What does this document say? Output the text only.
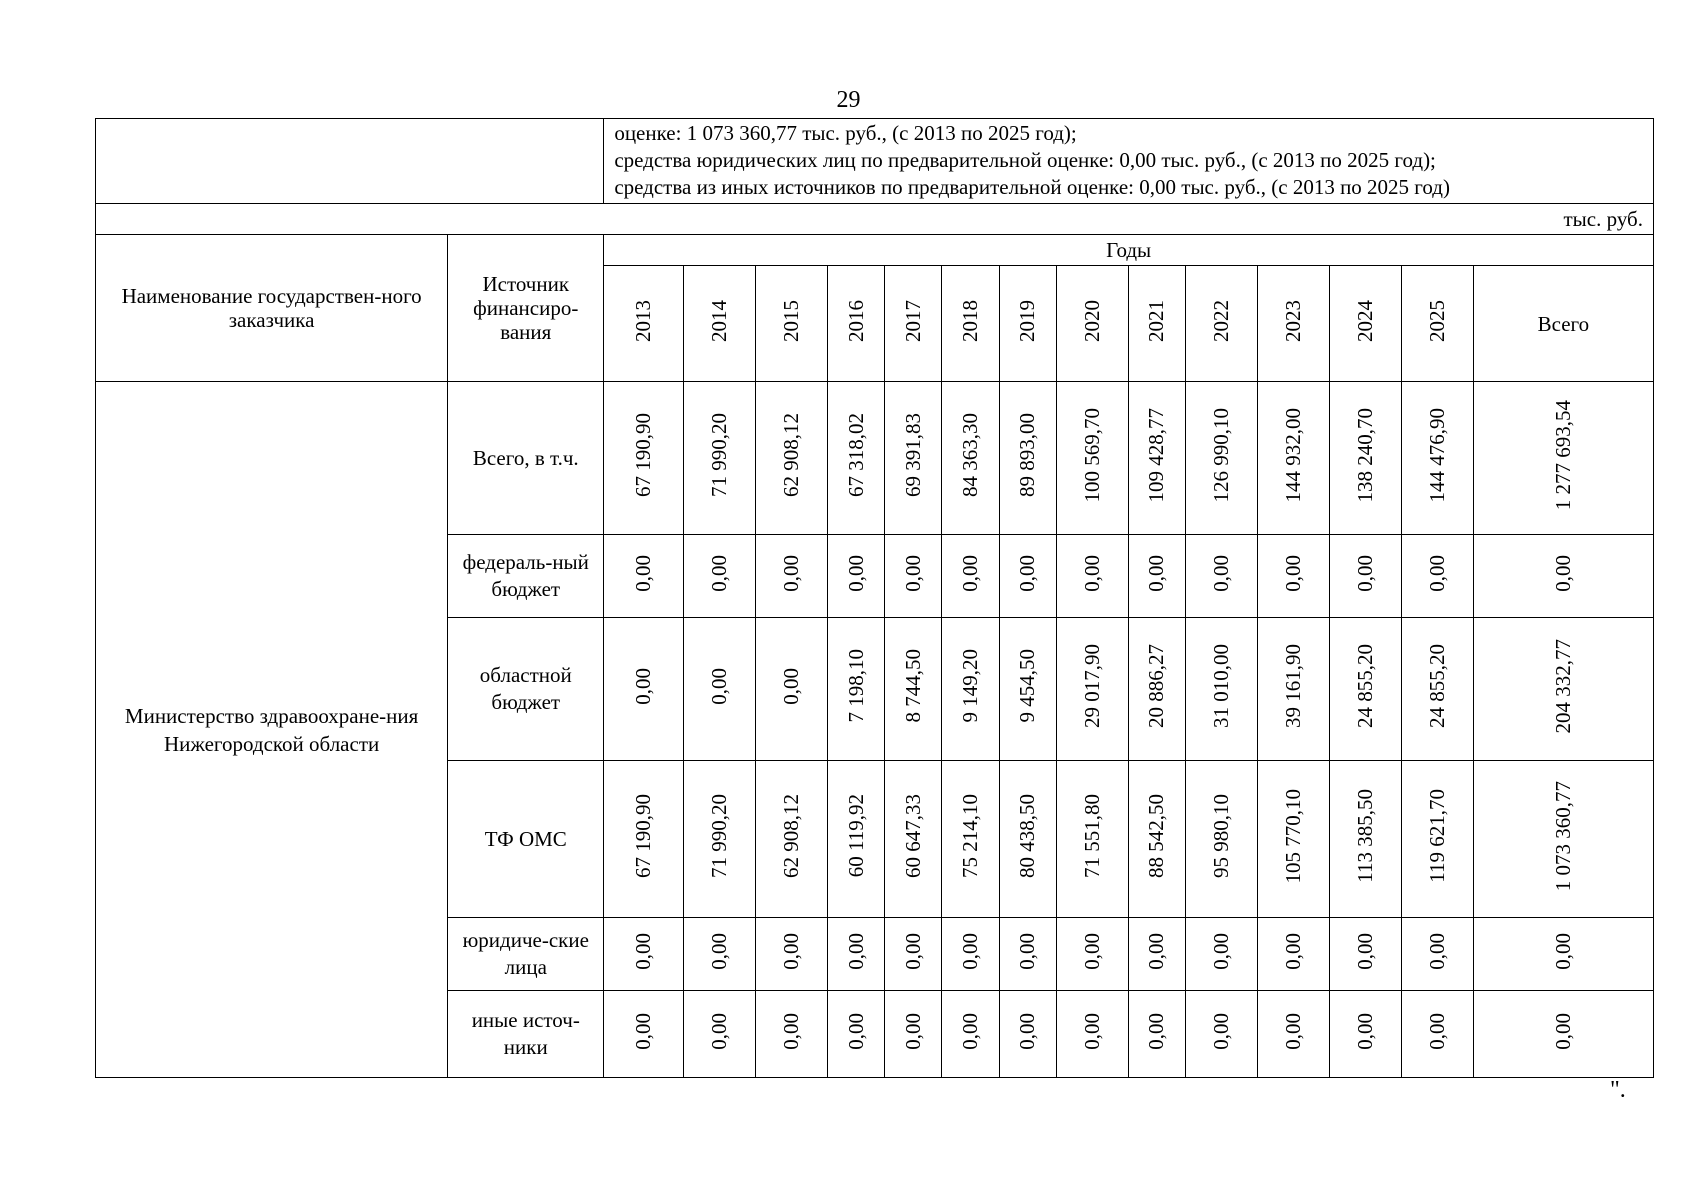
29

		оценке: 1 073 360,77 тыс. руб., (с 2013 по 2025 год);
средства юридических лиц по предварительной оценке: 0,00 тыс. руб., (с 2013 по 2025 год);
средства из иных источников по предварительной оценке: 0,00 тыс. руб., (с 2013 по 2025 год)													

тыс. руб.															
Наименование государствен-ного заказчика	Источник финансиро-вания	Годы													
		2013	2014	2015	2016	2017	2018	2019	2020	2021	2022	2023	2024	2025	Всего
Министерство здравоохране-ния Нижегородской области	Всего, в т.ч.	67 190,90	71 990,20	62 908,12	67 318,02	69 391,83	84 363,30	89 893,00	100 569,70	109 428,77	126 990,10	144 932,00	138 240,70	144 476,90	1 277 693,54
	федераль-ный бюджет	0,00	0,00	0,00	0,00	0,00	0,00	0,00	0,00	0,00	0,00	0,00	0,00	0,00	0,00
	областной бюджет	0,00	0,00	0,00	7 198,10	8 744,50	9 149,20	9 454,50	29 017,90	20 886,27	31 010,00	39 161,90	24 855,20	24 855,20	204 332,77
	ТФ ОМС	67 190,90	71 990,20	62 908,12	60 119,92	60 647,33	75 214,10	80 438,50	71 551,80	88 542,50	95 980,10	105 770,10	113 385,50	119 621,70	1 073 360,77
	юридиче-ские лица	0,00	0,00	0,00	0,00	0,00	0,00	0,00	0,00	0,00	0,00	0,00	0,00	0,00	0,00
	иные источ-ники	0,00	0,00	0,00	0,00	0,00	0,00	0,00	0,00	0,00	0,00	0,00	0,00	0,00	0,00
".
